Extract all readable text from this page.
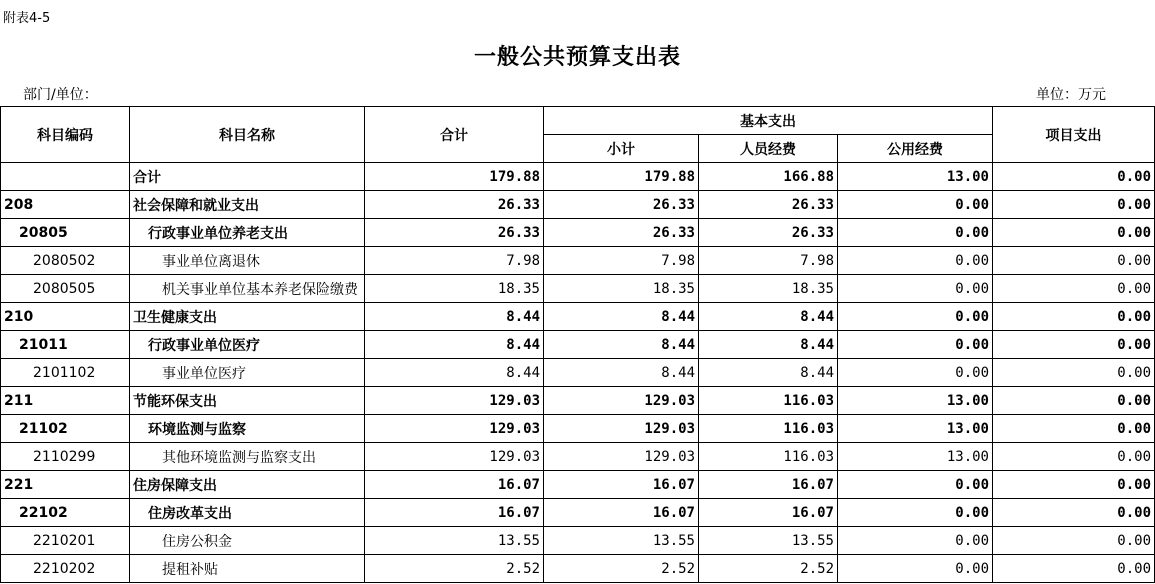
附表4-5
一般公共预算支出表
部门/单位：	单位：万元
科目编码	科目名称	合计	基本支出			项目支出
			小计	人员经费	公用经费	
	合计	179.88	179.88	166.88	13.00	0.00
208	社会保障和就业支出	26.33	26.33	26.33	0.00	0.00
20805	行政事业单位养老支出	26.33	26.33	26.33	0.00	0.00
2080502	事业单位离退休	7.98	7.98	7.98	0.00	0.00
2080505	机关事业单位基本养老保险缴费	18.35	18.35	18.35	0.00	0.00
210	卫生健康支出	8.44	8.44	8.44	0.00	0.00
21011	行政事业单位医疗	8.44	8.44	8.44	0.00	0.00
2101102	事业单位医疗	8.44	8.44	8.44	0.00	0.00
211	节能环保支出	129.03	129.03	116.03	13.00	0.00
21102	环境监测与监察	129.03	129.03	116.03	13.00	0.00
2110299	其他环境监测与监察支出	129.03	129.03	116.03	13.00	0.00
221	住房保障支出	16.07	16.07	16.07	0.00	0.00
22102	住房改革支出	16.07	16.07	16.07	0.00	0.00
2210201	住房公积金	13.55	13.55	13.55	0.00	0.00
2210202	提租补贴	2.52	2.52	2.52	0.00	0.00
